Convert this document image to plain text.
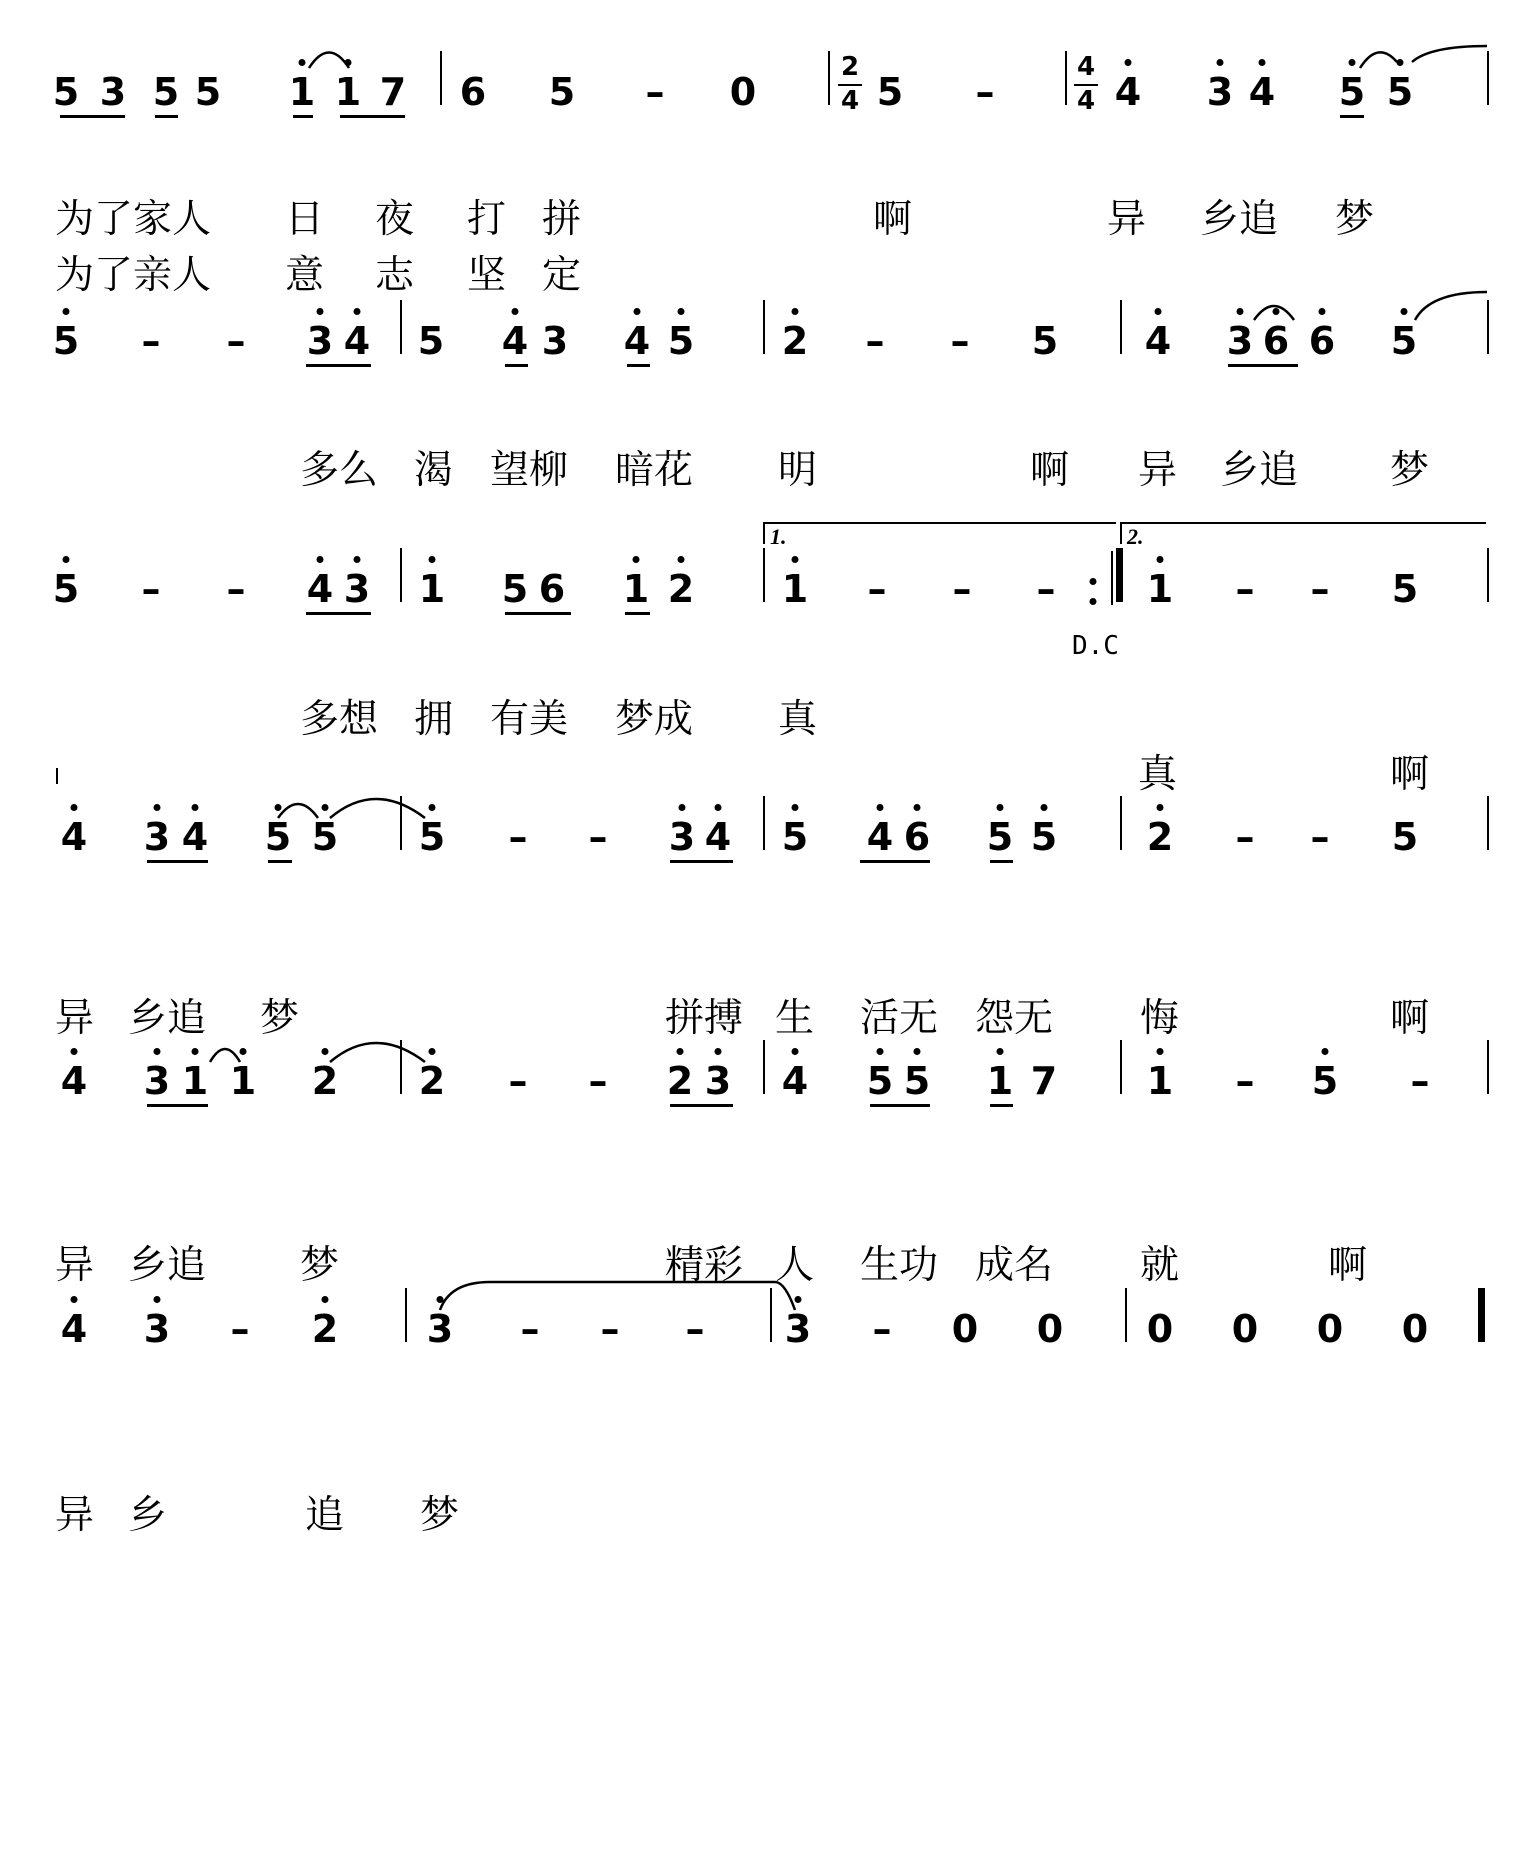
5 3 5 5 1 1 7 6 5 – 0	5 –	4 3 4 5 5
为了家人 日 夜 打 拼	啊	异 乡追 梦
为了亲人 意 志 坚 定
5 – – 3 4 5 4 3 4 5 2 – – 5 4 3 6 6 5
多么 渴 望柳 暗花 明	啊 异 乡追 梦
5 – – 4 3 1 5 6 1 2 1 – – – 1 – – 5
多想 拥 有美 梦成 真
真	啊
4 3 4 5 5 5 – – 3 4 5 4 6 5 5 2 – – 5
异 乡追 梦	拼搏 生 活无 怨无 悔	啊
4 3 1 1 2 2 – – 2 3 4 5 5 1 7 1 – 5 –
异 乡追 梦	精彩 人 生功 成名 就	啊
4 3 – 2 3 – – – 3 – 0 0 0 0 0 0
异 乡	追 梦
2
4
4
4
1.	2.
D.C
